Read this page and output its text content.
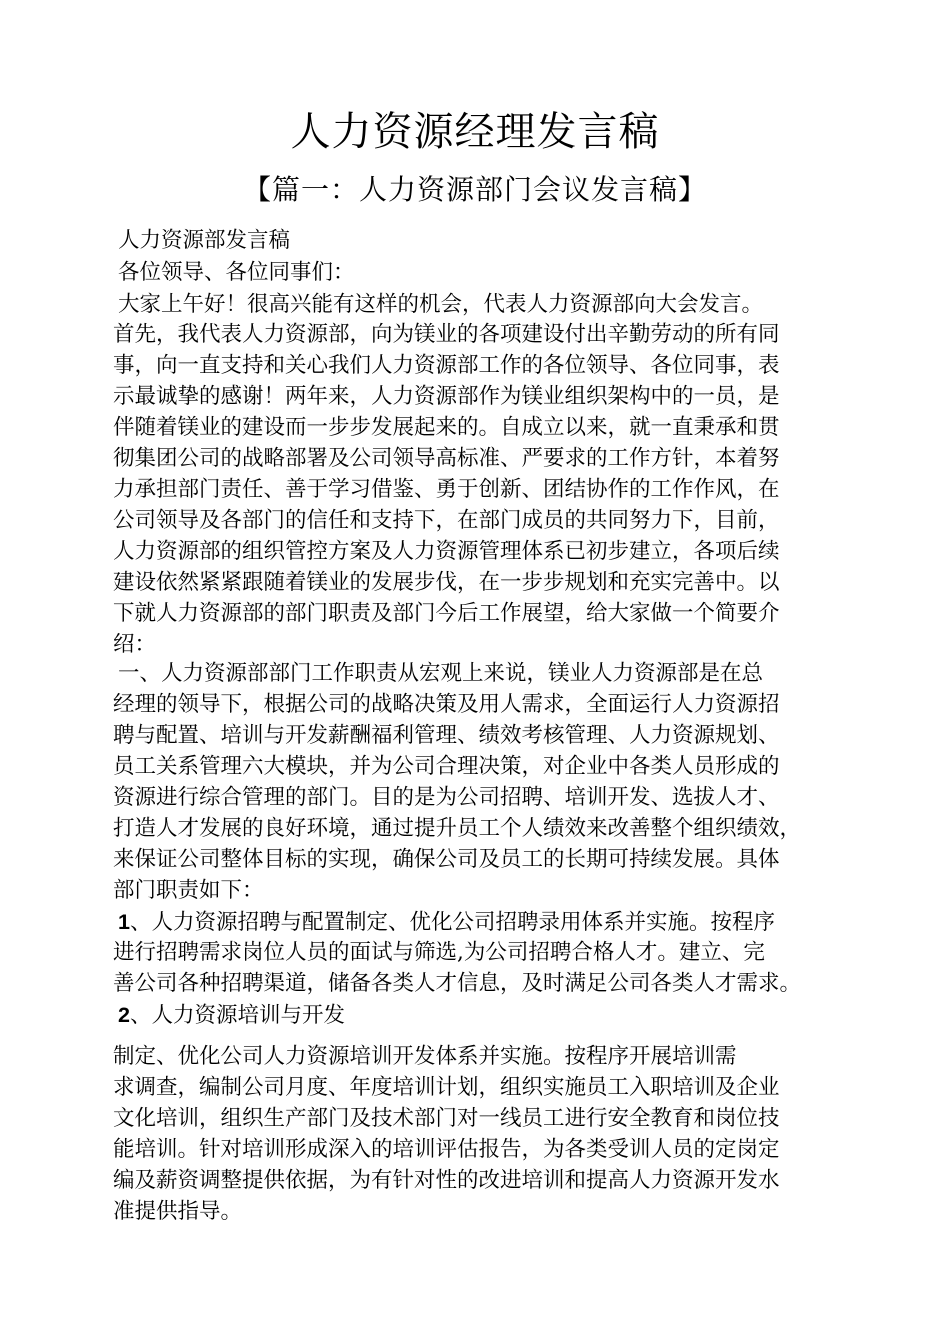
人力资源经理发言稿
【篇一：人力资源部门会议发言稿】
人力资源部发言稿
各位领导、各位同事们：
大家上午好！很高兴能有这样的机会，代表人力资源部向大会发言。
首先，我代表人力资源部，向为镁业的各项建设付出辛勤劳动的所有同
事，向一直支持和关心我们人力资源部工作的各位领导、各位同事，表
示最诚挚的感谢！两年来，人力资源部作为镁业组织架构中的一员，是
伴随着镁业的建设而一步步发展起来的。自成立以来，就一直秉承和贯
彻集团公司的战略部署及公司领导高标准、严要求的工作方针，本着努
力承担部门责任、善于学习借鉴、勇于创新、团结协作的工作作风，在
公司领导及各部门的信任和支持下，在部门成员的共同努力下，目前，
人力资源部的组织管控方案及人力资源管理体系已初步建立，各项后续
建设依然紧紧跟随着镁业的发展步伐，在一步步规划和充实完善中。以
下就人力资源部的部门职责及部门今后工作展望，给大家做一个简要介
绍：
一、人力资源部部门工作职责从宏观上来说，镁业人力资源部是在总
经理的领导下，根据公司的战略决策及用人需求，全面运行人力资源招
聘与配置、培训与开发薪酬福利管理、绩效考核管理、人力资源规划、
员工关系管理六大模块，并为公司合理决策，对企业中各类人员形成的
资源进行综合管理的部门。目的是为公司招聘、培训开发、选拔人才、
打造人才发展的良好环境，通过提升员工个人绩效来改善整个组织绩效，
来保证公司整体目标的实现，确保公司及员工的长期可持续发展。具体
部门职责如下：
1、人力资源招聘与配置制定、优化公司招聘录用体系并实施。按程序
进行招聘需求岗位人员的面试与筛选,为公司招聘合格人才。建立、完
善公司各种招聘渠道，储备各类人才信息，及时满足公司各类人才需求。
2、人力资源培训与开发
制定、优化公司人力资源培训开发体系并实施。按程序开展培训需
求调查，编制公司月度、年度培训计划，组织实施员工入职培训及企业
文化培训，组织生产部门及技术部门对一线员工进行安全教育和岗位技
能培训。针对培训形成深入的培训评估报告，为各类受训人员的定岗定
编及薪资调整提供依据，为有针对性的改进培训和提高人力资源开发水
准提供指导。
